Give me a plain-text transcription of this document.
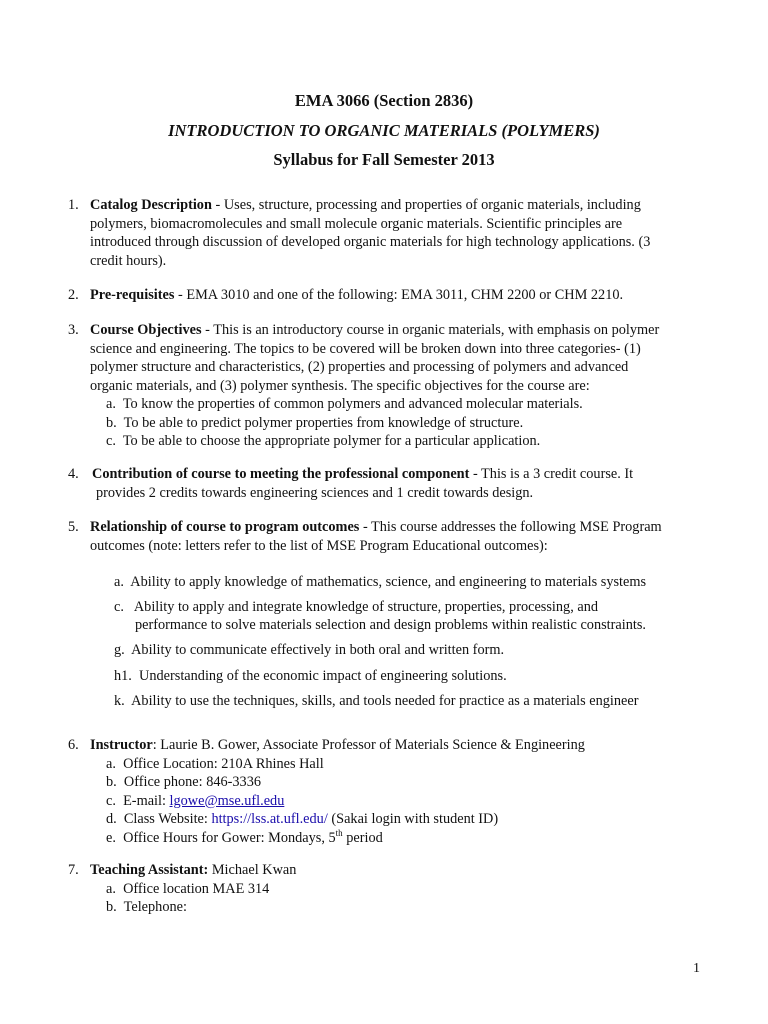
EMA 3066 (Section 2836)
INTRODUCTION TO ORGANIC MATERIALS (POLYMERS)
Syllabus for Fall Semester 2013
1. Catalog Description - Uses, structure, processing and properties of organic materials, including

polymers, biomacromolecules and small molecule organic materials. Scientific principles are

introduced through discussion of developed organic materials for high technology applications. (3

credit hours).

2. Pre-requisites - EMA 3010 and one of the following: EMA 3011, CHM 2200 or CHM 2210.

3. Course Objectives - This is an introductory course in organic materials, with emphasis on polymer

science and engineering. The topics to be covered will be broken down into three categories- (1)

polymer structure and characteristics, (2) properties and processing of polymers and advanced

organic materials, and (3) polymer synthesis. The specific objectives for the course are:

a. To know the properties of common polymers and advanced molecular materials.

b. To be able to predict polymer properties from knowledge of structure.

c. To be able to choose the appropriate polymer for a particular application.

4. Contribution of course to meeting the professional component - This is a 3 credit course. It

provides 2 credits towards engineering sciences and 1 credit towards design.

5. Relationship of course to program outcomes - This course addresses the following MSE Program

outcomes (note: letters refer to the list of MSE Program Educational outcomes):

a. Ability to apply knowledge of mathematics, science, and engineering to materials systems
c. Ability to apply and integrate knowledge of structure, properties, processing, and
performance to solve materials selection and design problems within realistic constraints.
g. Ability to communicate effectively in both oral and written form.
h1. Understanding of the economic impact of engineering solutions.
k. Ability to use the techniques, skills, and tools needed for practice as a materials engineer
6. Instructor: Laurie B. Gower, Associate Professor of Materials Science & Engineering

a. Office Location: 210A Rhines Hall

b. Office phone: 846-3336

c. E-mail: lgowe@mse.ufl.edu

d. Class Website: https://lss.at.ufl.edu/ (Sakai login with student ID)

e. Office Hours for Gower: Mondays, 5th period

7. Teaching Assistant: Michael Kwan

a. Office location MAE 314

b. Telephone:

1
